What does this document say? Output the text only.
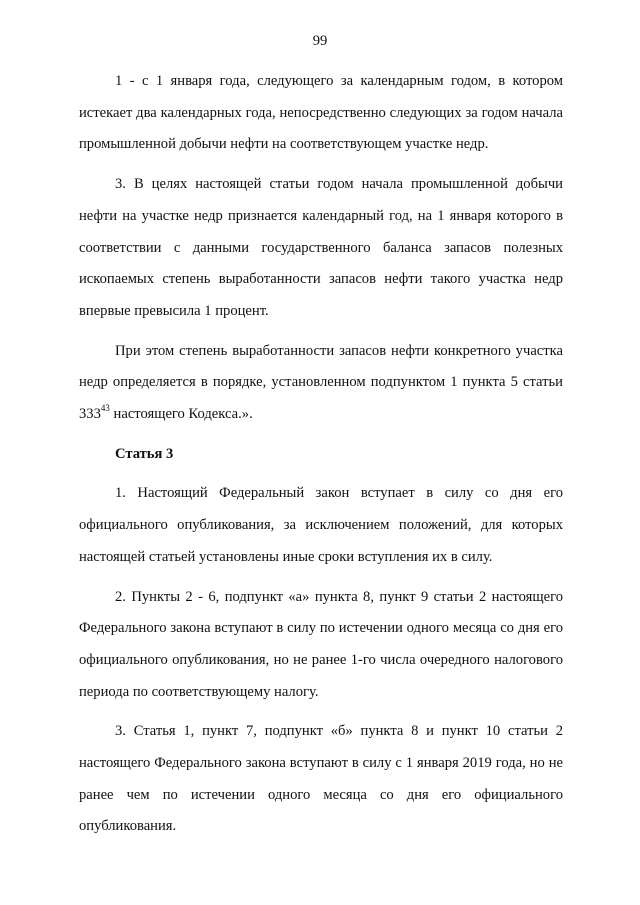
99

1 - с 1 января года, следующего за календарным годом, в котором истекает два календарных года, непосредственно следующих за годом начала промышленной добычи нефти на соответствующем участке недр.

3. В целях настоящей статьи годом начала промышленной добычи нефти на участке недр признается календарный год, на 1 января которого в соответствии с данными государственного баланса запасов полезных ископаемых степень выработанности запасов нефти такого участка недр впервые превысила 1 процент.

При этом степень выработанности запасов нефти конкретного участка недр определяется в порядке, установленном подпунктом 1 пункта 5 статьи $333^{43}$ настоящего Кодекса.».

Статья 3

1. Настоящий Федеральный закон вступает в силу со дня его официального опубликования, за исключением положений, для которых настоящей статьей установлены иные сроки вступления их в силу.

2. Пункты 2 - 6, подпункт «а» пункта 8, пункт 9 статьи 2 настоящего Федерального закона вступают в силу по истечении одного месяца со дня его официального опубликования, но не ранее 1-го числа очередного налогового периода по соответствующему налогу.

3. Статья 1, пункт 7, подпункт «б» пункта 8 и пункт 10 статьи 2 настоящего Федерального закона вступают в силу с 1 января 2019 года, но не ранее чем по истечении одного месяца со дня его официального опубликования.
